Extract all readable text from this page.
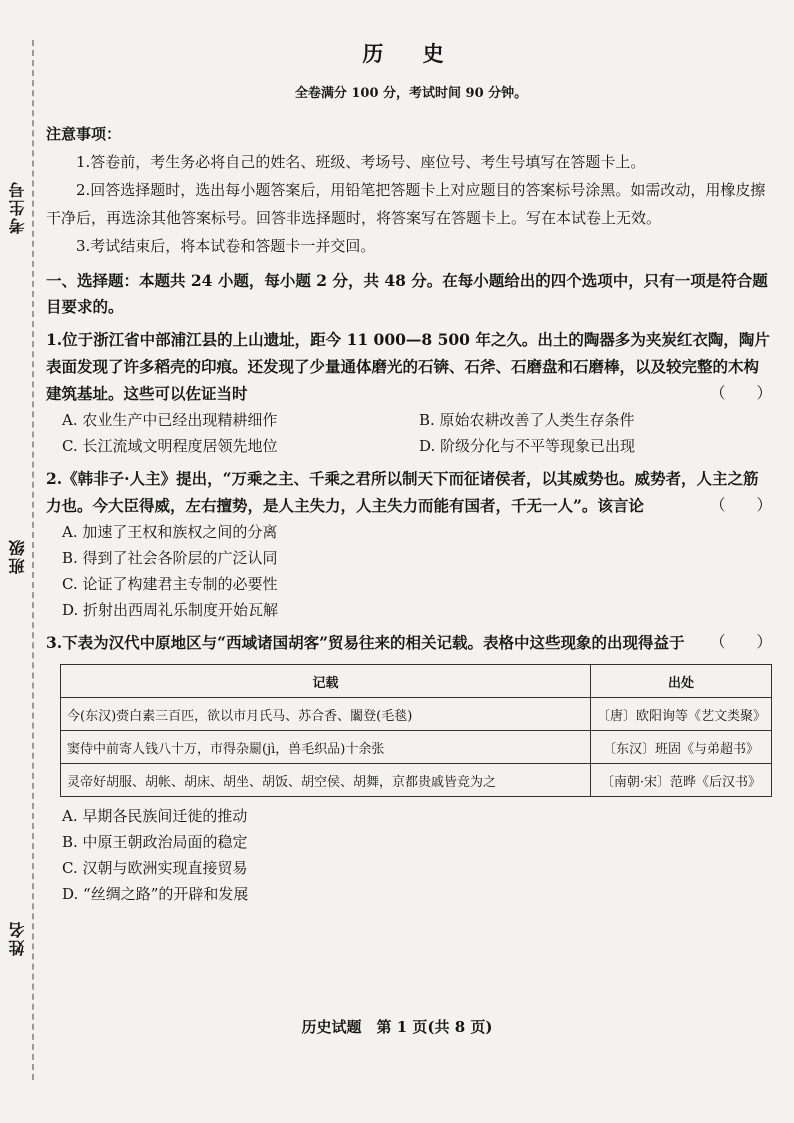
考生号
班级
姓名
历 史
全卷满分 100 分，考试时间 90 分钟。
注意事项：

1.答卷前，考生务必将自己的姓名、班级、考场号、座位号、考生号填写在答题卡上。

2.回答选择题时，选出每小题答案后，用铅笔把答题卡上对应题目的答案标号涂黑。如需改动，用橡皮擦干净后，再选涂其他答案标号。回答非选择题时，将答案写在答题卡上。写在本试卷上无效。

3.考试结束后，将本试卷和答题卡一并交回。

一、选择题：本题共 24 小题，每小题 2 分，共 48 分。在每小题给出的四个选项中，只有一项是符合题目要求的。
1.位于浙江省中部浦江县的上山遗址，距今 11 000—8 500 年之久。出土的陶器多为夹炭红衣陶，陶片表面发现了许多稻壳的印痕。还发现了少量通体磨光的石锛、石斧、石磨盘和石磨棒，以及较完整的木构建筑基址。这些可以佐证当时	（　　）
A. 农业生产中已经出现精耕细作	B. 原始农耕改善了人类生存条件
C. 长江流域文明程度居领先地位	D. 阶级分化与不平等现象已出现
2.《韩非子·人主》提出，“万乘之主、千乘之君所以制天下而征诸侯者，以其威势也。威势者，人主之筋力也。今大臣得威，左右擅势，是人主失力，人主失力而能有国者，千无一人”。该言论	（　　）
A. 加速了王权和族权之间的分离
B. 得到了社会各阶层的广泛认同
C. 论证了构建君主专制的必要性
D. 折射出西周礼乐制度开始瓦解
3.下表为汉代中原地区与“西域诸国胡客”贸易往来的相关记载。表格中这些现象的出现得益于 （　　）
记载	出处
今(东汉)赍白素三百匹，欲以市月氏马、苏合香、闟登(毛毯)	〔唐〕欧阳询等《艺文类聚》
窦侍中前寄人钱八十万，市得杂罽(jì，兽毛织品)十余张	〔东汉〕班固《与弟超书》
灵帝好胡服、胡帐、胡床、胡坐、胡饭、胡空侯、胡舞，京都贵戚皆竞为之	〔南朝·宋〕范晔《后汉书》
A. 早期各民族间迁徙的推动
B. 中原王朝政治局面的稳定
C. 汉朝与欧洲实现直接贸易
D. “丝绸之路”的开辟和发展
历史试题　第 1 页(共 8 页)
